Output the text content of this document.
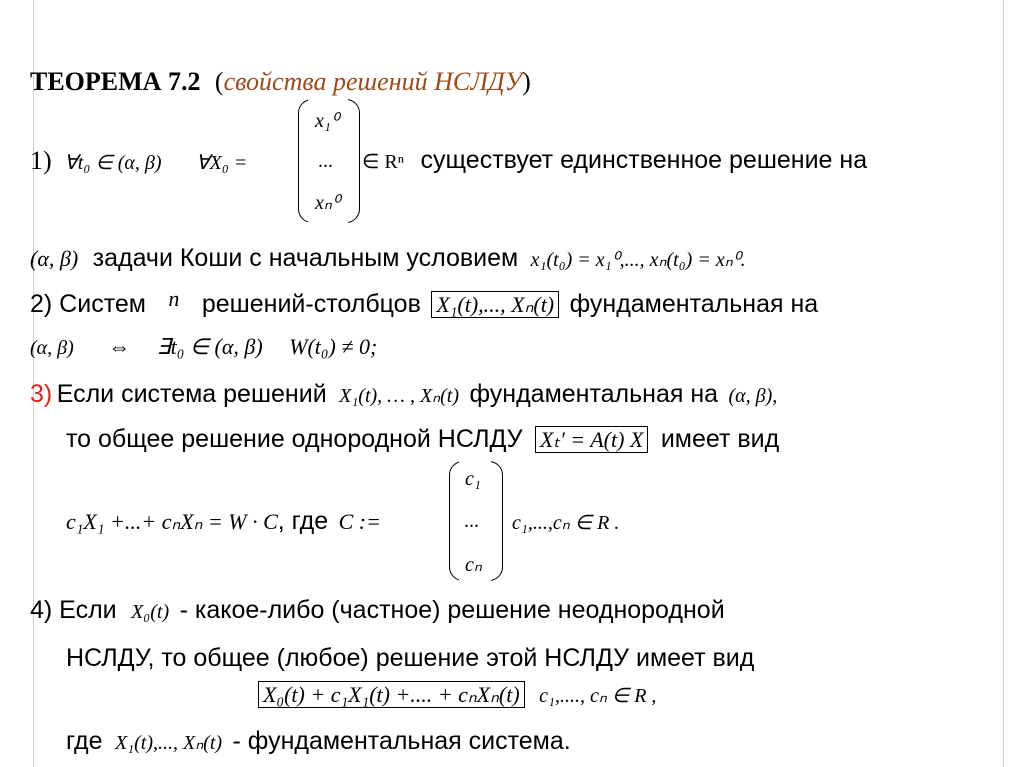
ТЕОРЕМА 7.2 (свойства решений НСЛДУ)
1) ∀t₀ ∈ (α, β) ∀X₀ =
x₁⁰
...
xₙ⁰
∈ Rⁿ существует единственное решение на
(α, β) задачи Коши с начальным условием x₁(t₀) = x₁⁰,..., xₙ(t₀) = xₙ⁰.
2) Систем n решений-столбцов X₁(t),..., Xₙ(t) фундаментальная на
(α, β) ⇔ ∃t₀ ∈ (α, β) W(t₀) ≠ 0;
3) Если система решений X₁(t), … , Xₙ(t) фундаментальная на (α, β),
то общее решение однородной НСЛДУ Xₜ′ = A(t) X имеет вид
c₁X₁ +...+ cₙXₙ = W · C, где C :=
c₁
...
cₙ
c₁,...,cₙ ∈ R .
4) Если X₀(t) - какое-либо (частное) решение неоднородной
НСЛДУ, то общее (любое) решение этой НСЛДУ имеет вид
X₀(t) + c₁X₁(t) +.... + cₙXₙ(t) c₁,...., cₙ ∈ R ,
где X₁(t),..., Xₙ(t) - фундаментальная система.
